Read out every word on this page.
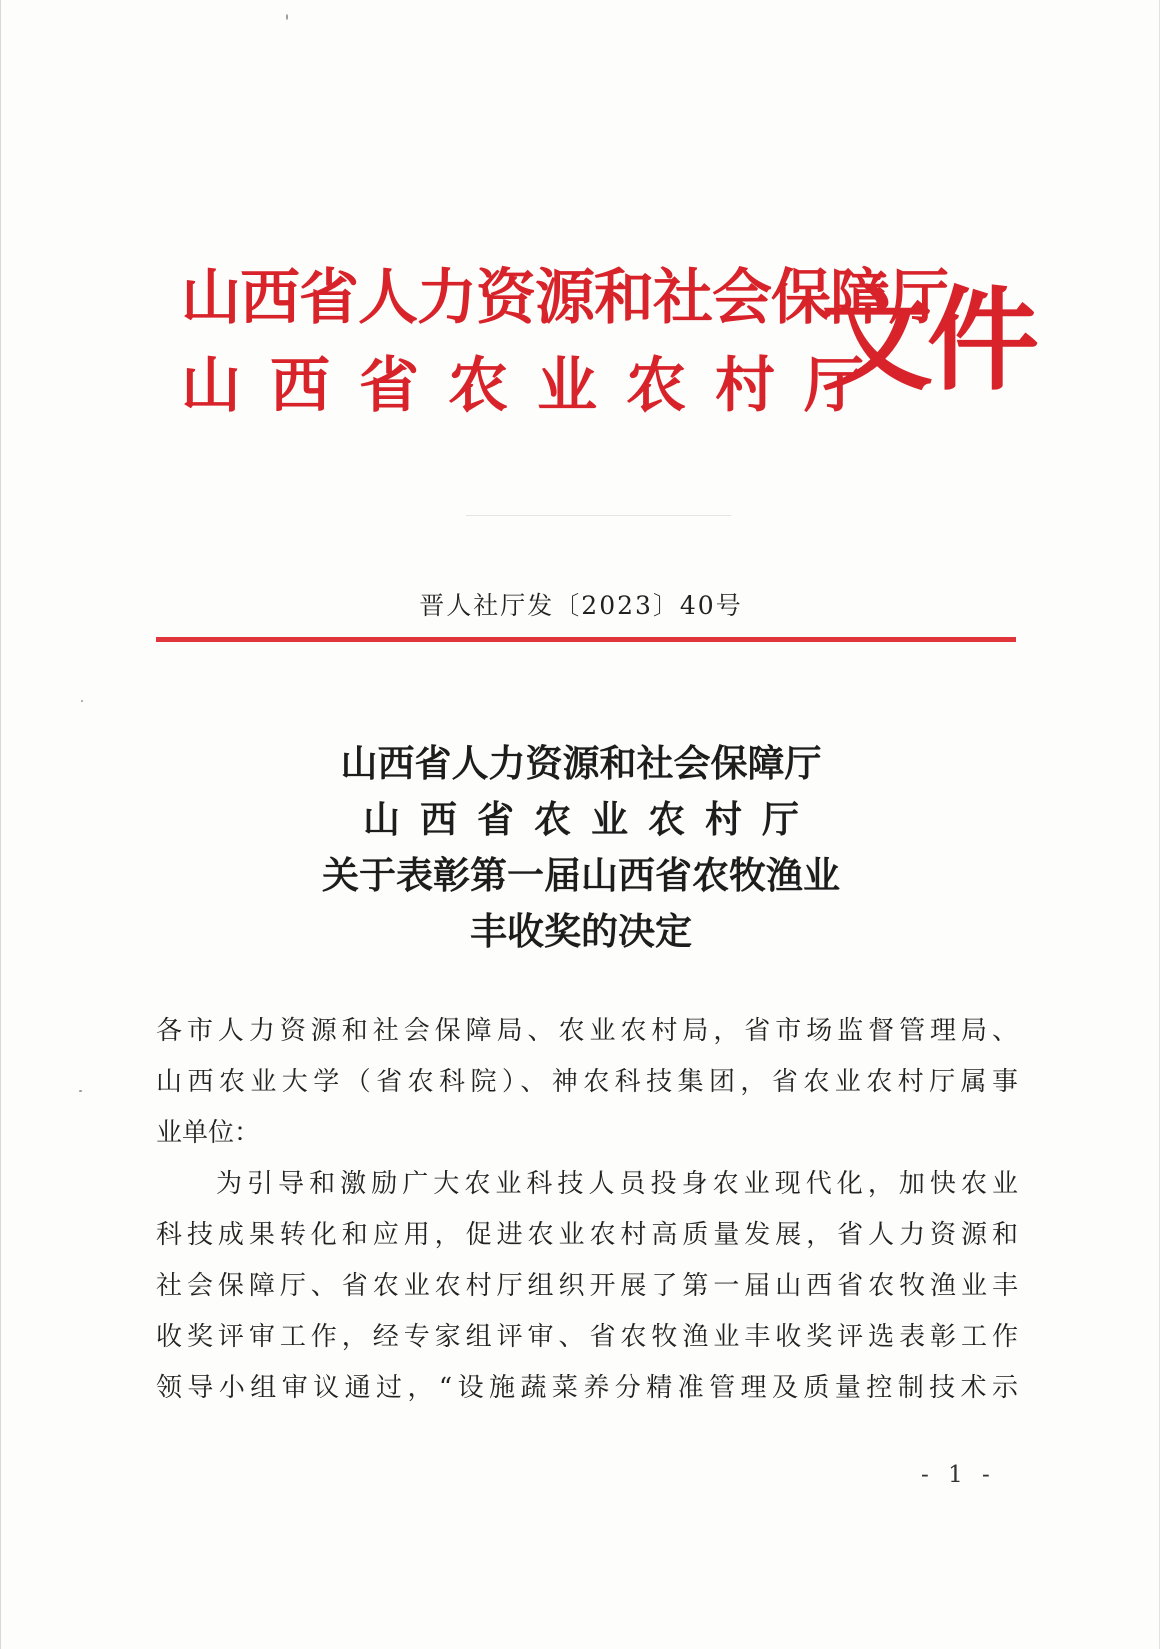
山西省人力资源和社会保障厅
山西省农业农村厅
文件
晋人社厅发〔2023〕40号
山西省人力资源和社会保障厅
山西省农业农村厅
关于表彰第一届山西省农牧渔业
丰收奖的决定
各市人力资源和社会保障局、农业农村局，省市场监督管理局、
山西农业大学（省农科院）、神农科技集团，省农业农村厅属事
业单位：
为引导和激励广大农业科技人员投身农业现代化，加快农业
科技成果转化和应用，促进农业农村高质量发展，省人力资源和
社会保障厅、省农业农村厅组织开展了第一届山西省农牧渔业丰
收奖评审工作，经专家组评审、省农牧渔业丰收奖评选表彰工作
领导小组审议通过，“设施蔬菜养分精准管理及质量控制技术示
- 1 -
